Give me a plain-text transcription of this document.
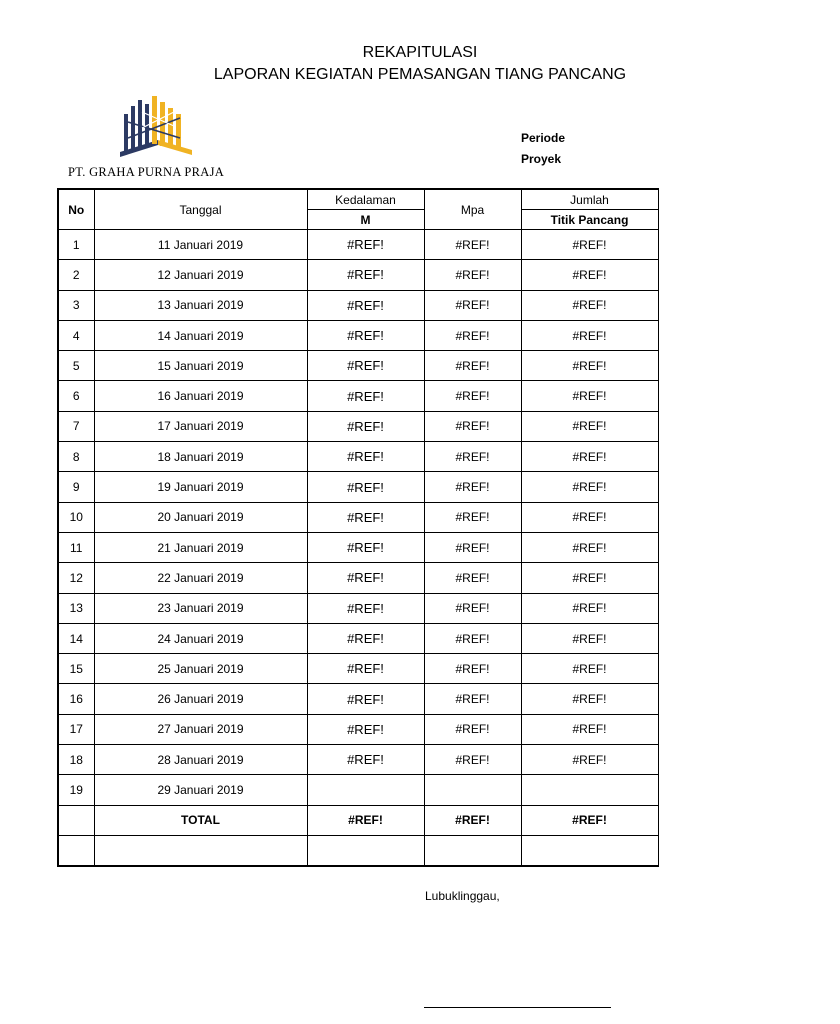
REKAPITULASI
LAPORAN KEGIATAN PEMASANGAN TIANG PANCANG
Periode
Proyek
PT. GRAHA PURNA PRAJA
No	Tanggal	Kedalaman	Mpa	Jumlah
		M		Titik Pancang
1	11 Januari 2019	#REF!	#REF!	#REF!
2	12 Januari 2019	#REF!	#REF!	#REF!
3	13 Januari 2019	#REF!	#REF!	#REF!
4	14 Januari 2019	#REF!	#REF!	#REF!
5	15 Januari 2019	#REF!	#REF!	#REF!
6	16 Januari 2019	#REF!	#REF!	#REF!
7	17 Januari 2019	#REF!	#REF!	#REF!
8	18 Januari 2019	#REF!	#REF!	#REF!
9	19 Januari 2019	#REF!	#REF!	#REF!
10	20 Januari 2019	#REF!	#REF!	#REF!
11	21 Januari 2019	#REF!	#REF!	#REF!
12	22 Januari 2019	#REF!	#REF!	#REF!
13	23 Januari 2019	#REF!	#REF!	#REF!
14	24 Januari 2019	#REF!	#REF!	#REF!
15	25 Januari 2019	#REF!	#REF!	#REF!
16	26 Januari 2019	#REF!	#REF!	#REF!
17	27 Januari 2019	#REF!	#REF!	#REF!
18	28 Januari 2019	#REF!	#REF!	#REF!
19	29 Januari 2019			
	TOTAL	#REF!	#REF!	#REF!

Lubuklinggau,
